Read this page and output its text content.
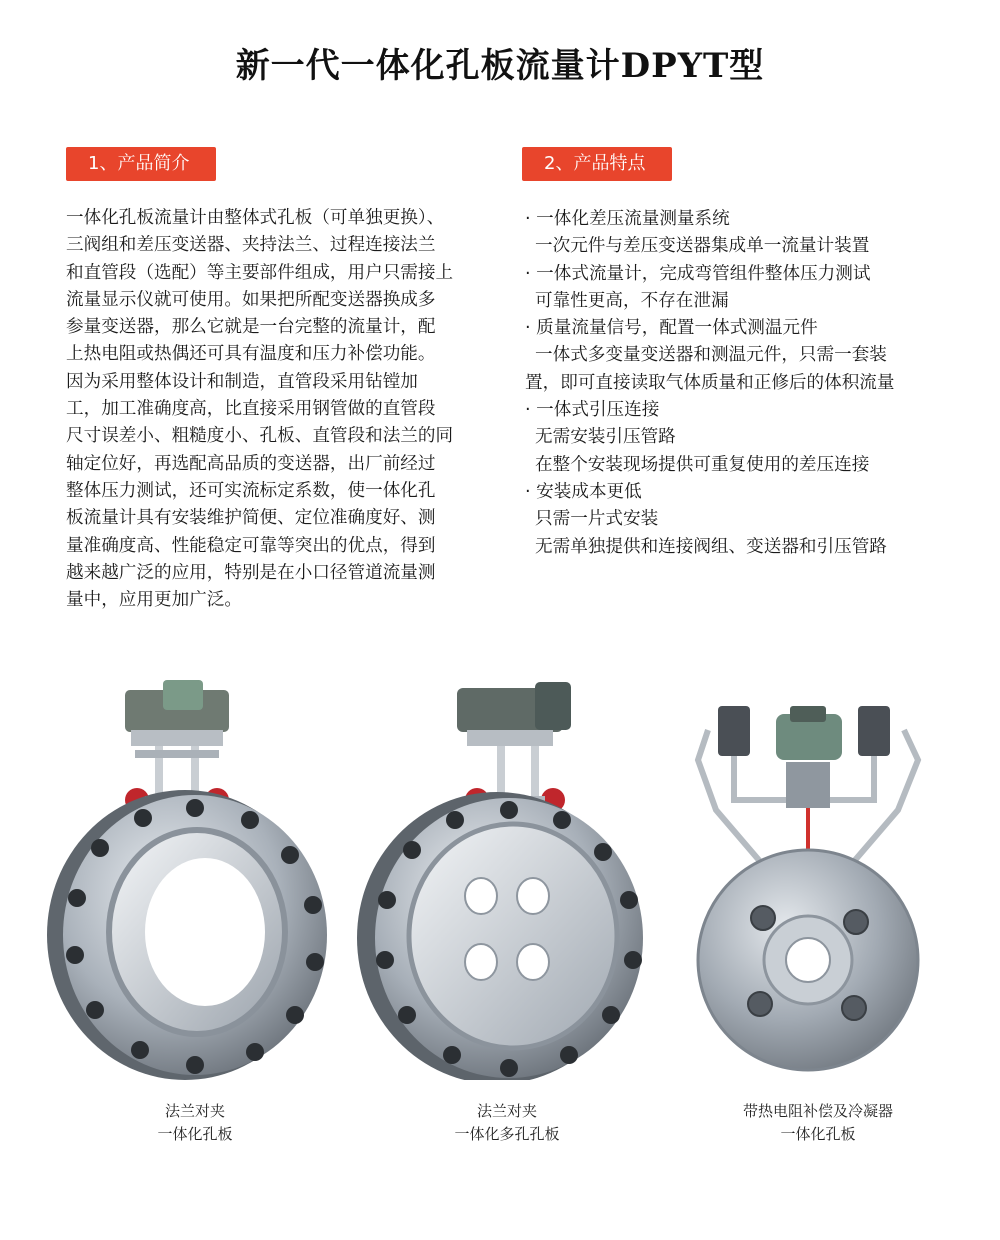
新一代一体化孔板流量计DPYT型
1、产品简介	2、产品特点
一体化孔板流量计由整体式孔板（可单独更换）、
三阀组和差压变送器、夹持法兰、过程连接法兰
和直管段（选配）等主要部件组成，用户只需接上
流量显示仪就可使用。如果把所配变送器换成多
参量变送器，那么它就是一台完整的流量计，配
上热电阻或热偶还可具有温度和压力补偿功能。
因为采用整体设计和制造，直管段采用钻镗加
工，加工准确度高，比直接采用钢管做的直管段
尺寸误差小、粗糙度小、孔板、直管段和法兰的同
轴定位好，再选配高品质的变送器，出厂前经过
整体压力测试，还可实流标定系数，使一体化孔
板流量计具有安装维护简便、定位准确度好、测
量准确度高、性能稳定可靠等突出的优点，得到
越来越广泛的应用，特别是在小口径管道流量测
量中，应用更加广泛。
· 一体化差压流量测量系统
一次元件与差压变送器集成单一流量计装置
· 一体式流量计，完成弯管组件整体压力测试
可靠性更高，不存在泄漏
· 质量流量信号，配置一体式测温元件
一体式多变量变送器和测温元件，只需一套装
置，即可直接读取气体质量和正修后的体积流量
· 一体式引压连接
无需安装引压管路
在整个安装现场提供可重复使用的差压连接
· 安装成本更低
只需一片式安装
无需单独提供和连接阀组、变送器和引压管路
法兰对夹
一体化孔板
法兰对夹
一体化多孔孔板
带热电阻补偿及冷凝器
一体化孔板
